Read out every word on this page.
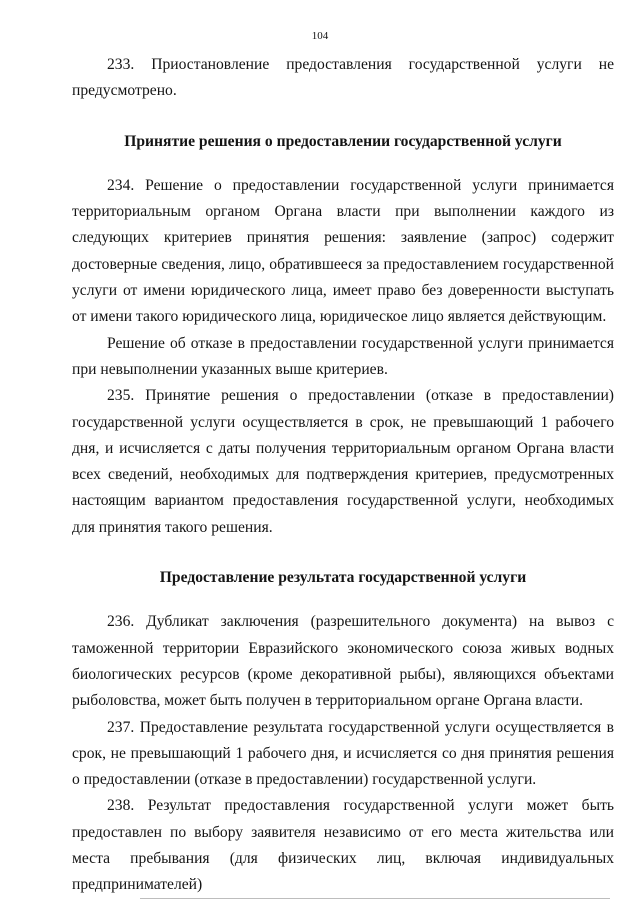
104

233. Приостановление предоставления государственной услуги не предусмотрено.

Принятие решения о предоставлении государственной услуги

234. Решение о предоставлении государственной услуги принимается территориальным органом Органа власти при выполнении каждого из следующих критериев принятия решения: заявление (запрос) содержит достоверные сведения, лицо, обратившееся за предоставлением государственной услуги от имени юридического лица, имеет право без доверенности выступать от имени такого юридического лица, юридическое лицо является действующим.

Решение об отказе в предоставлении государственной услуги принимается при невыполнении указанных выше критериев.

235. Принятие решения о предоставлении (отказе в предоставлении) государственной услуги осуществляется в срок, не превышающий 1 рабочего дня, и исчисляется с даты получения территориальным органом Органа власти всех сведений, необходимых для подтверждения критериев, предусмотренных настоящим вариантом предоставления государственной услуги, необходимых для принятия такого решения.

Предоставление результата государственной услуги

236. Дубликат заключения (разрешительного документа) на вывоз с таможенной территории Евразийского экономического союза живых водных биологических ресурсов (кроме декоративной рыбы), являющихся объектами рыболовства, может быть получен в территориальном органе Органа власти.

237. Предоставление результата государственной услуги осуществляется в срок, не превышающий 1 рабочего дня, и исчисляется со дня принятия решения о предоставлении (отказе в предоставлении) государственной услуги.

238. Результат предоставления государственной услуги может быть предоставлен по выбору заявителя независимо от его места жительства или места пребывания (для физических лиц, включая индивидуальных предпринимателей)
